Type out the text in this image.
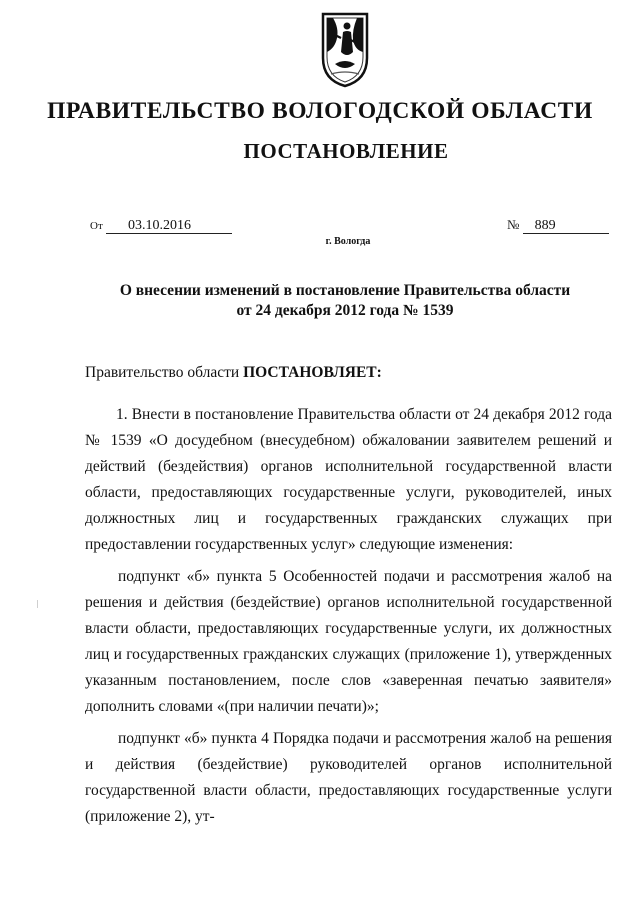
ПРАВИТЕЛЬСТВО ВОЛОГОДСКОЙ ОБЛАСТИ
ПОСТАНОВЛЕНИЕ
От 03.10.2016	№ 889
г. Вологда
О внесении изменений в постановление Правительства области
от 24 декабря 2012 года № 1539
Правительство области ПОСТАНОВЛЯЕТ:

1. Внести в постановление Правительства области от 24 декабря 2012 года № 1539 «О досудебном (внесудебном) обжаловании заявителем решений и действий (бездействия) органов исполнительной государственной власти области, предоставляющих государственные услуги, руководителей, иных должностных лиц и государственных гражданских служащих при предоставлении государственных услуг» следующие изменения:

подпункт «б» пункта 5 Особенностей подачи и рассмотрения жалоб на решения и действия (бездействие) органов исполнительной государственной власти области, предоставляющих государственные услуги, их должностных лиц и государственных гражданских служащих (приложение 1), утвержденных указанным постановлением, после слов «заверенная печатью заявителя» дополнить словами «(при наличии печати)»;

подпункт «б» пункта 4 Порядка подачи и рассмотрения жалоб на решения и действия (бездействие) руководителей органов исполнительной государственной власти области, предоставляющих государственные услуги (приложение 2), ут-
